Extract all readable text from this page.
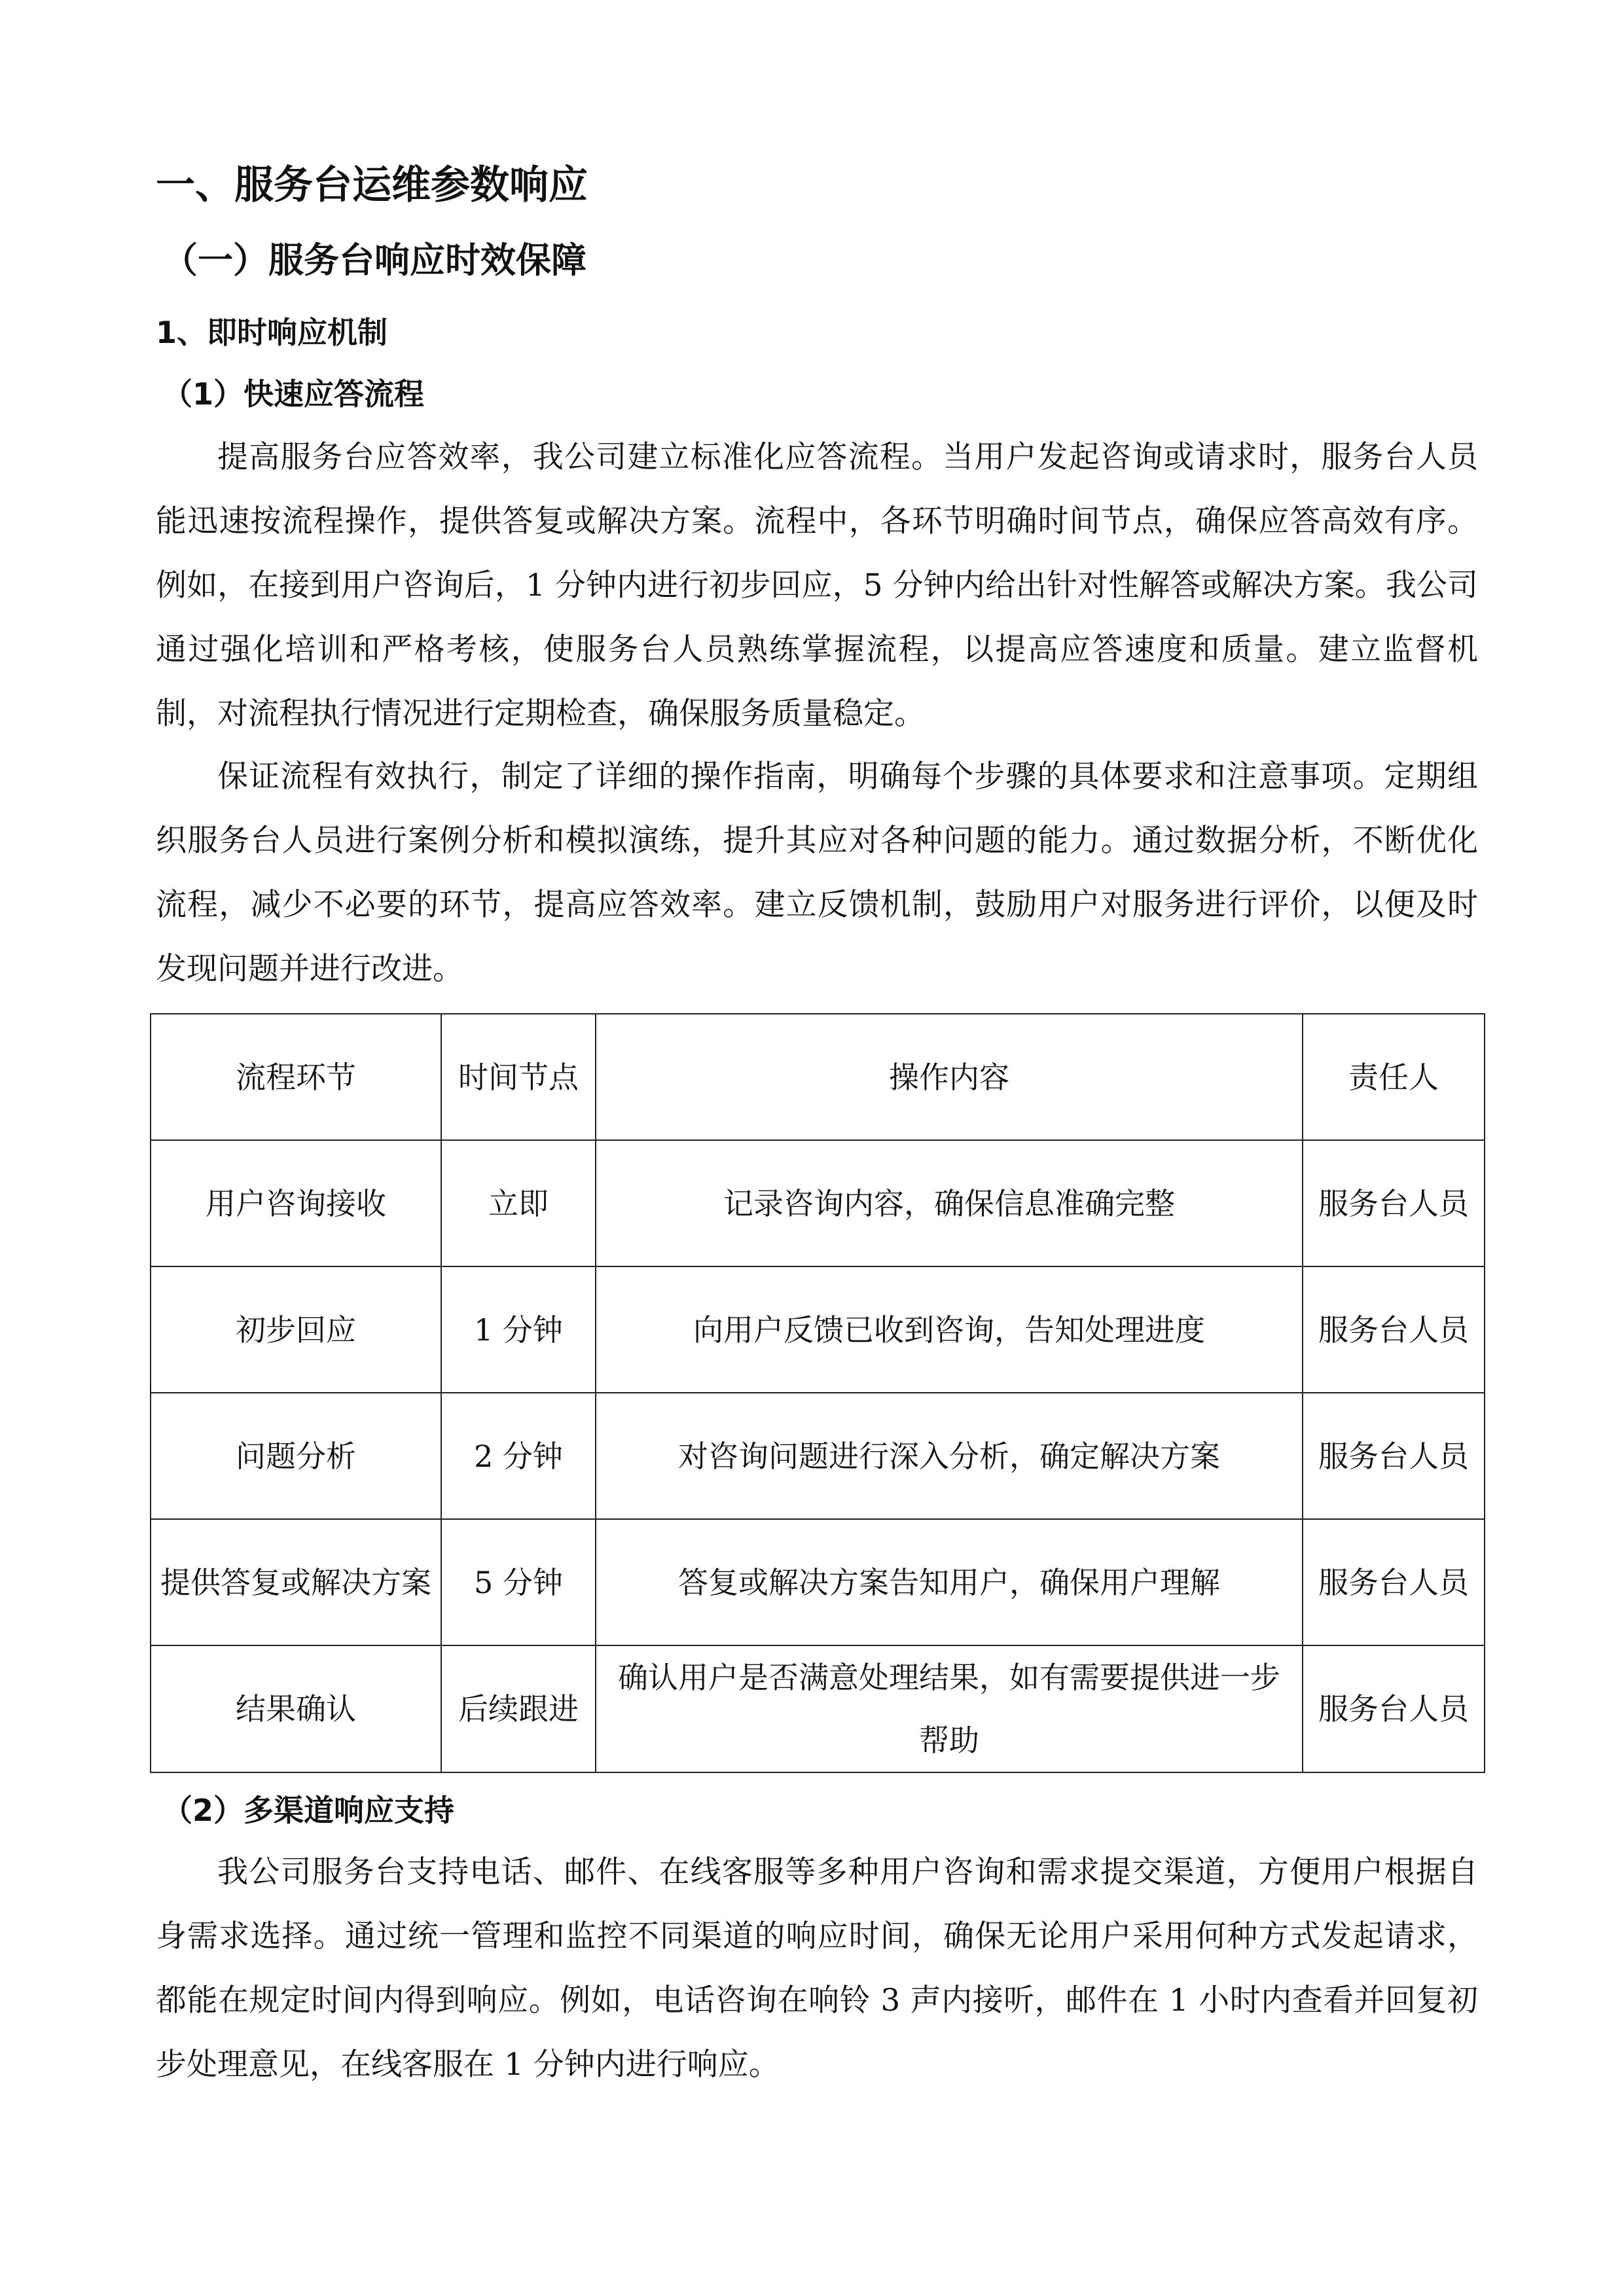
一、服务台运维参数响应
（一）服务台响应时效保障
1、即时响应机制
（1）快速应答流程

提高服务台应答效率，我公司建立标准化应答流程。当用户发起咨询或请求时，服务台人员能迅速按流程操作，提供答复或解决方案。流程中，各环节明确时间节点，确保应答高效有序。例如，在接到用户咨询后，1 分钟内进行初步回应，5 分钟内给出针对性解答或解决方案。我公司通过强化培训和严格考核，使服务台人员熟练掌握流程，以提高应答速度和质量。建立监督机制，对流程执行情况进行定期检查，确保服务质量稳定。

保证流程有效执行，制定了详细的操作指南，明确每个步骤的具体要求和注意事项。定期组织服务台人员进行案例分析和模拟演练，提升其应对各种问题的能力。通过数据分析，不断优化流程，减少不必要的环节，提高应答效率。建立反馈机制，鼓励用户对服务进行评价，以便及时发现问题并进行改进。

流程环节	时间节点	操作内容	责任人
用户咨询接收	立即	记录咨询内容，确保信息准确完整	服务台人员
初步回应	1 分钟	向用户反馈已收到咨询，告知处理进度	服务台人员
问题分析	2 分钟	对咨询问题进行深入分析，确定解决方案	服务台人员
提供答复或解决方案	5 分钟	答复或解决方案告知用户，确保用户理解	服务台人员
结果确认	后续跟进	确认用户是否满意处理结果，如有需要提供进一步帮助	服务台人员
（2）多渠道响应支持

我公司服务台支持电话、邮件、在线客服等多种用户咨询和需求提交渠道，方便用户根据自身需求选择。通过统一管理和监控不同渠道的响应时间，确保无论用户采用何种方式发起请求，都能在规定时间内得到响应。例如，电话咨询在响铃 3 声内接听，邮件在 1 小时内查看并回复初步处理意见，在线客服在 1 分钟内进行响应。
